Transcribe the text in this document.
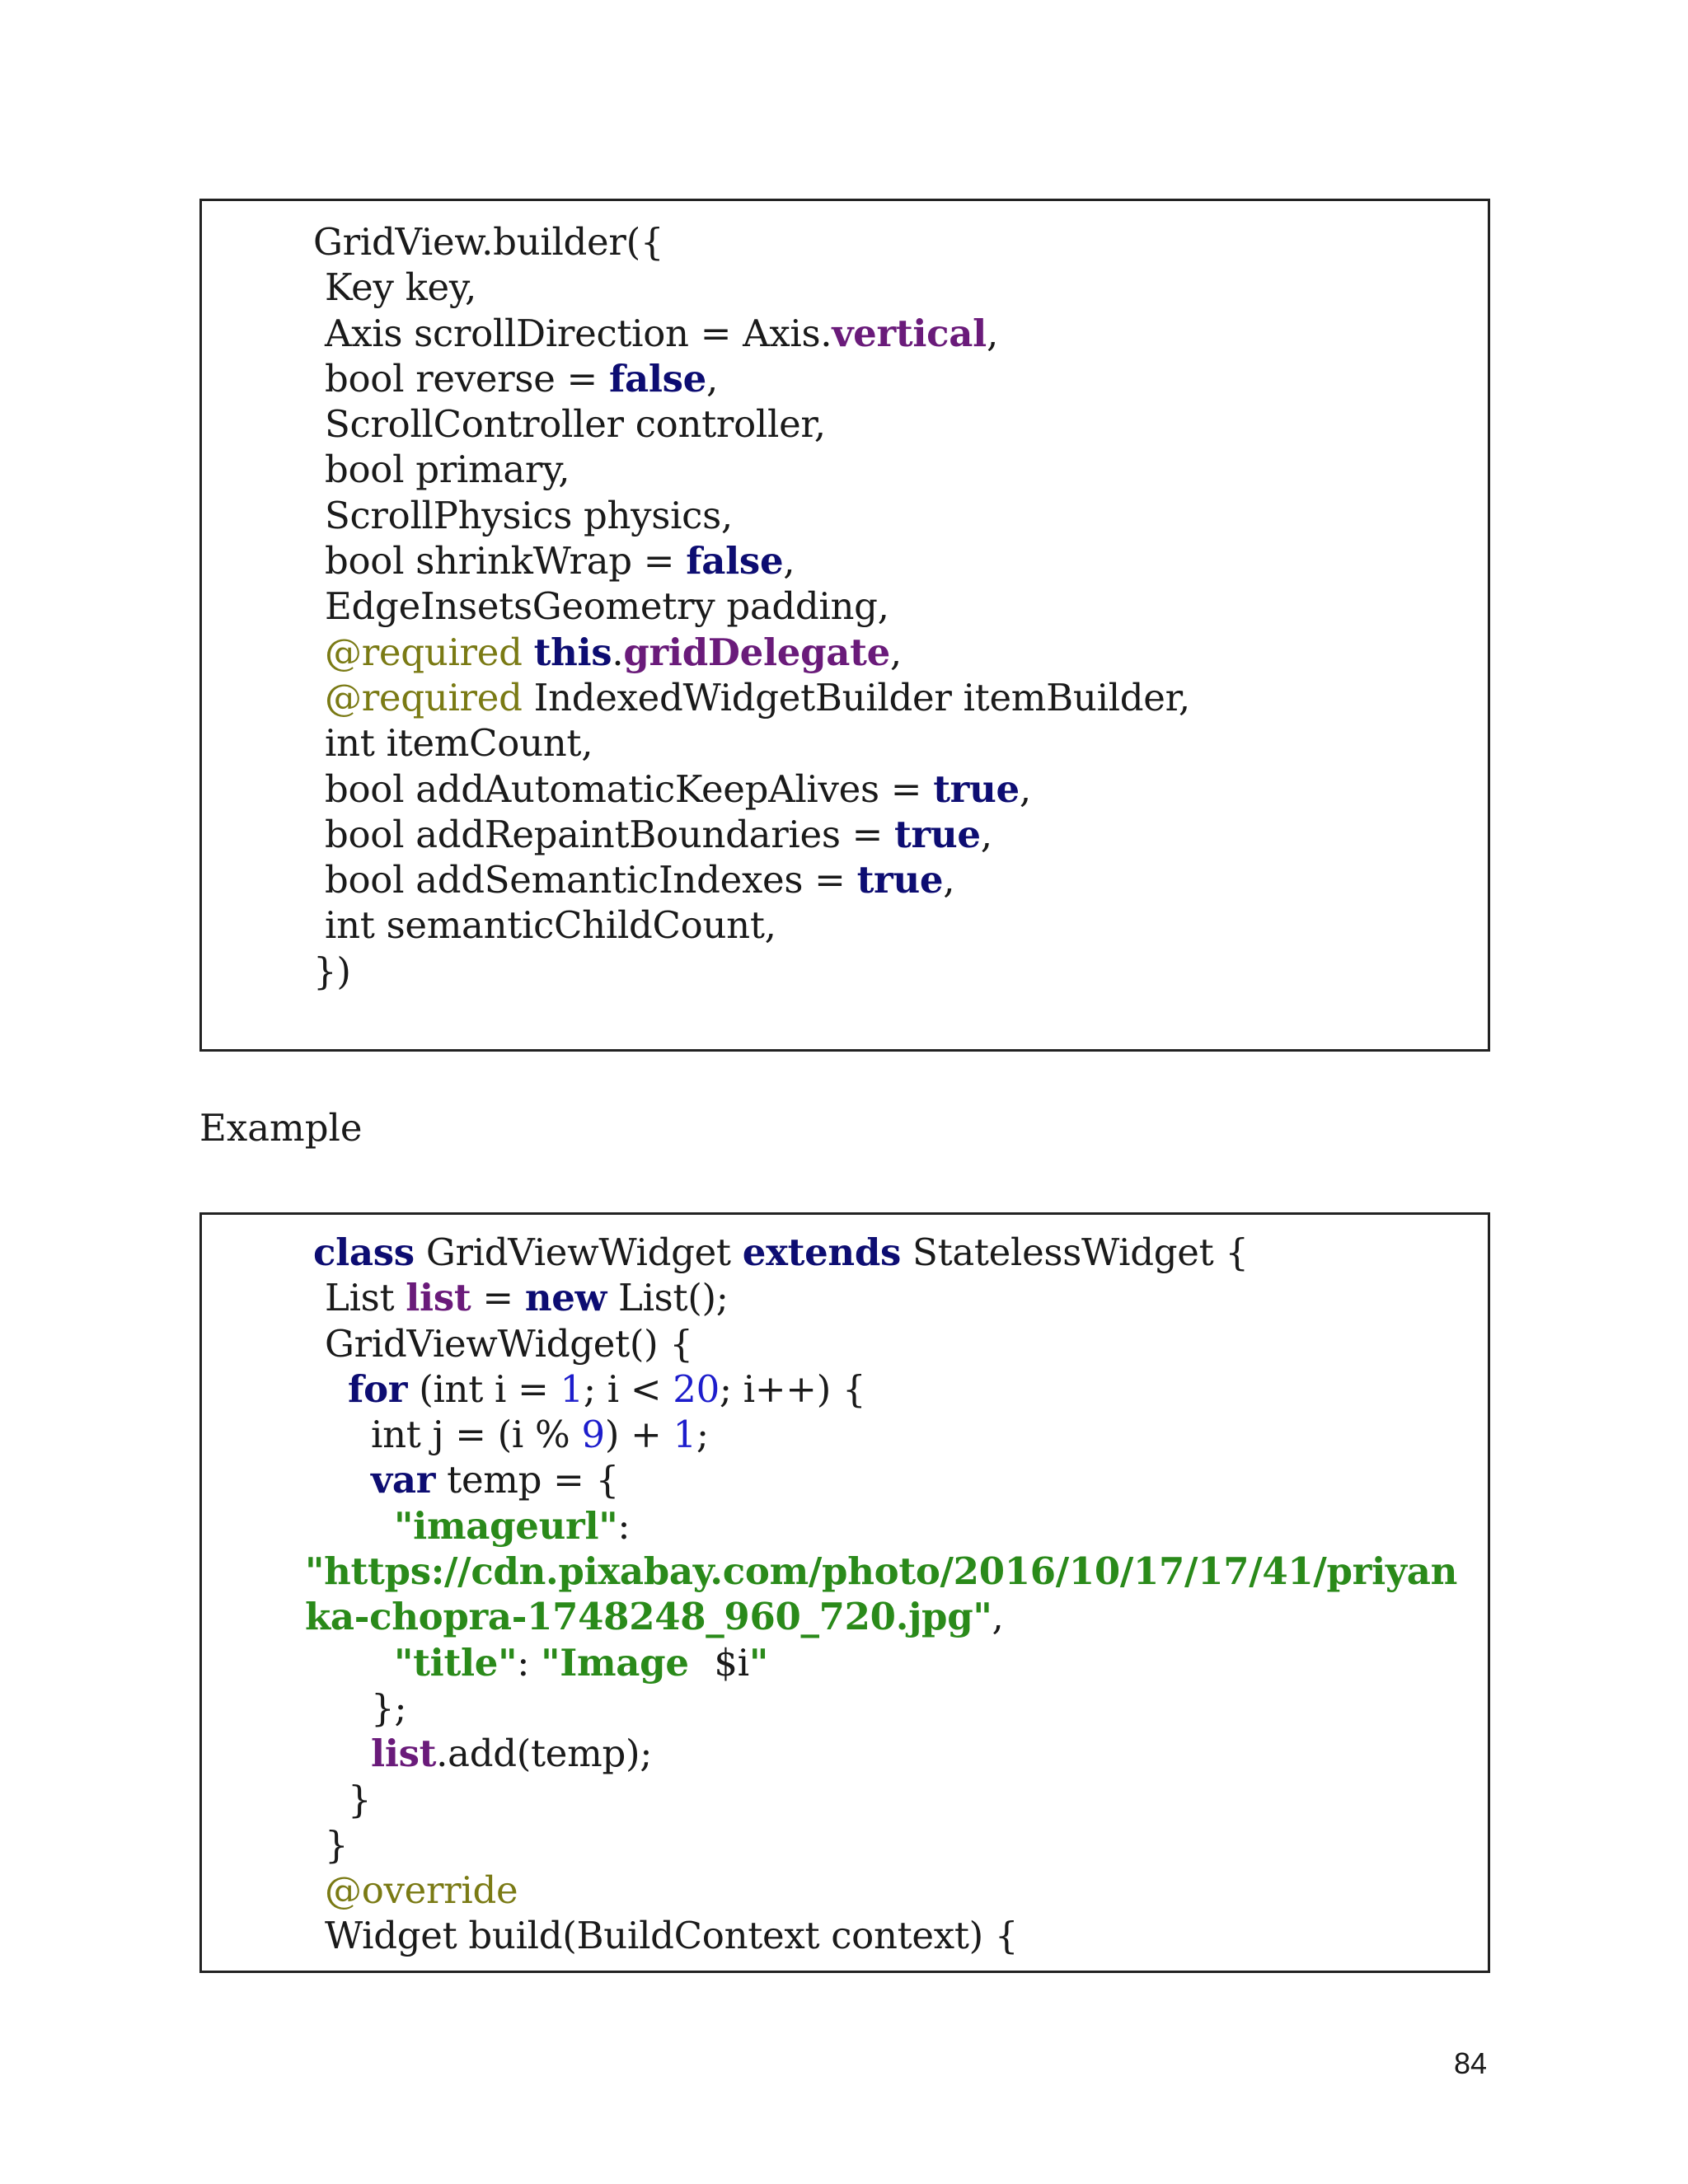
GridView.builder({
Key key,
Axis scrollDirection = Axis.vertical,
bool reverse = false,
ScrollController controller,
bool primary,
ScrollPhysics physics,
bool shrinkWrap = false,
EdgeInsetsGeometry padding,
@required this.gridDelegate,
@required IndexedWidgetBuilder itemBuilder,
int itemCount,
bool addAutomaticKeepAlives = true,
bool addRepaintBoundaries = true,
bool addSemanticIndexes = true,
int semanticChildCount,
})
Example
class GridViewWidget extends StatelessWidget {
List list = new List();
GridViewWidget() {
for (int i = 1; i < 20; i++) {
int j = (i % 9) + 1;
var temp = {
"imageurl":
"https://cdn.pixabay.com/photo/2016/10/17/17/41/priyan
ka-chopra-1748248_960_720.jpg",
"title": "Image  $i"
};
list.add(temp);
}
}
@override
Widget build(BuildContext context) {
84
